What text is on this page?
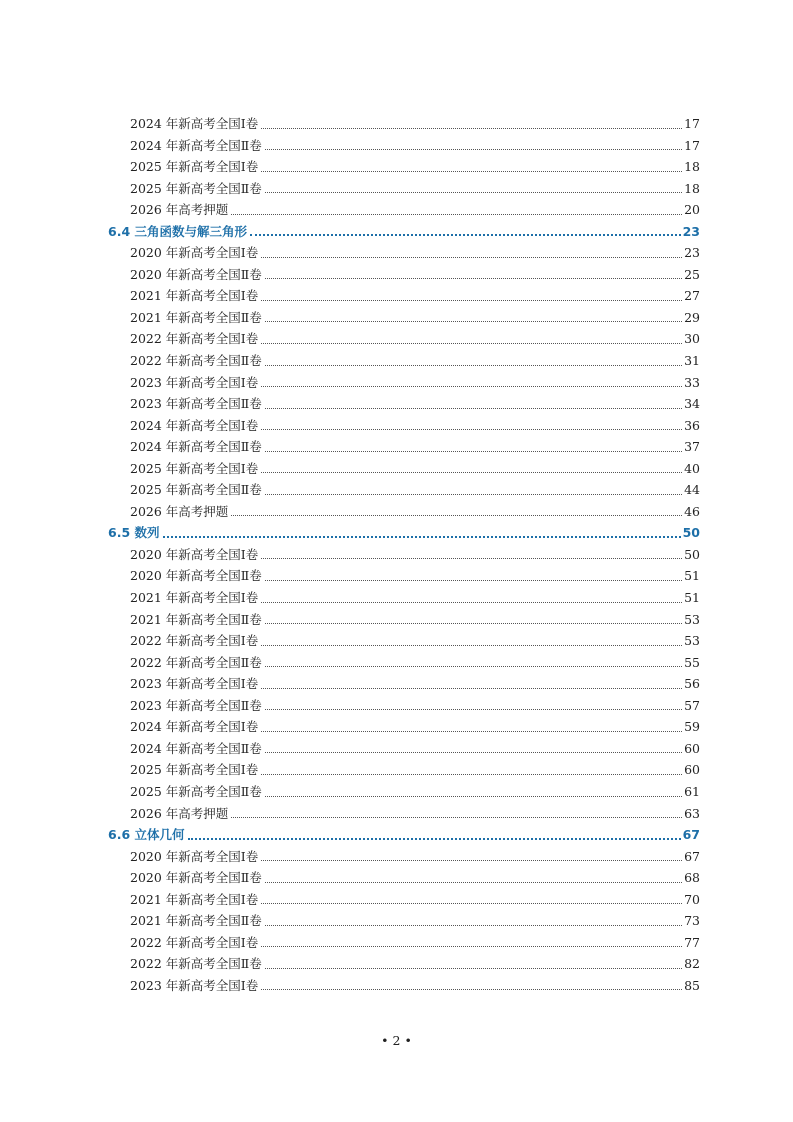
2024 年新高考全国Ⅰ卷	17
2024 年新高考全国Ⅱ卷	17
2025 年新高考全国Ⅰ卷	18
2025 年新高考全国Ⅱ卷	18
2026 年高考押题	20
6.4 三角函数与解三角形	23
2020 年新高考全国Ⅰ卷	23
2020 年新高考全国Ⅱ卷	25
2021 年新高考全国Ⅰ卷	27
2021 年新高考全国Ⅱ卷	29
2022 年新高考全国Ⅰ卷	30
2022 年新高考全国Ⅱ卷	31
2023 年新高考全国Ⅰ卷	33
2023 年新高考全国Ⅱ卷	34
2024 年新高考全国Ⅰ卷	36
2024 年新高考全国Ⅱ卷	37
2025 年新高考全国Ⅰ卷	40
2025 年新高考全国Ⅱ卷	44
2026 年高考押题	46
6.5 数列	50
2020 年新高考全国Ⅰ卷	50
2020 年新高考全国Ⅱ卷	51
2021 年新高考全国Ⅰ卷	51
2021 年新高考全国Ⅱ卷	53
2022 年新高考全国Ⅰ卷	53
2022 年新高考全国Ⅱ卷	55
2023 年新高考全国Ⅰ卷	56
2023 年新高考全国Ⅱ卷	57
2024 年新高考全国Ⅰ卷	59
2024 年新高考全国Ⅱ卷	60
2025 年新高考全国Ⅰ卷	60
2025 年新高考全国Ⅱ卷	61
2026 年高考押题	63
6.6 立体几何	67
2020 年新高考全国Ⅰ卷	67
2020 年新高考全国Ⅱ卷	68
2021 年新高考全国Ⅰ卷	70
2021 年新高考全国Ⅱ卷	73
2022 年新高考全国Ⅰ卷	77
2022 年新高考全国Ⅱ卷	82
2023 年新高考全国Ⅰ卷	85
• 2 •
